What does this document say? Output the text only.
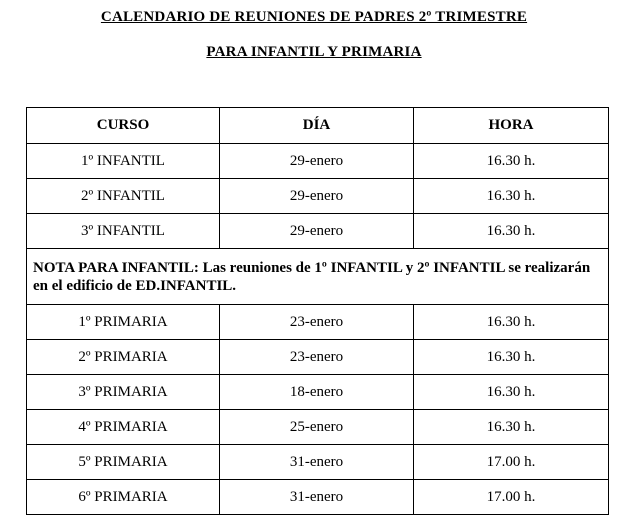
CALENDARIO DE REUNIONES DE PADRES 2º TRIMESTRE
PARA INFANTIL Y PRIMARIA
CURSO	DÍA	HORA
1º INFANTIL	29-enero	16.30 h.
2º INFANTIL	29-enero	16.30 h.
3º INFANTIL	29-enero	16.30 h.
NOTA PARA INFANTIL: Las reuniones de 1º INFANTIL y 2º INFANTIL se realizarán en el edificio de ED.INFANTIL.		
1º PRIMARIA	23-enero	16.30 h.
2º PRIMARIA	23-enero	16.30 h.
3º PRIMARIA	18-enero	16.30 h.
4º PRIMARIA	25-enero	16.30 h.
5º PRIMARIA	31-enero	17.00 h.
6º PRIMARIA	31-enero	17.00 h.
